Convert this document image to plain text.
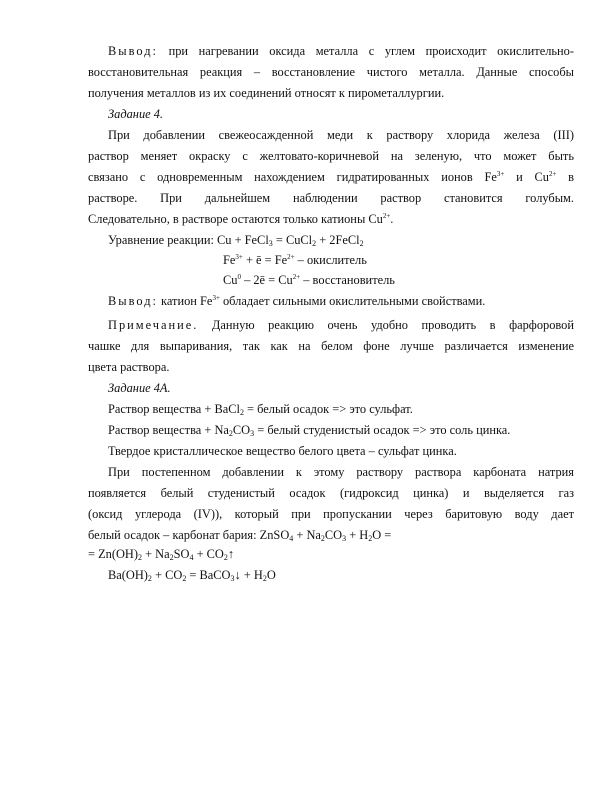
Вывод: при нагревании оксида металла с углем происходит окислительно-
восстановительная реакция – восстановление чистого металла. Данные способы
получения металлов из их соединений относят к пирометаллургии.
Задание 4.
При добавлении свежеосажденной меди к раствору хлорида железа (III)
раствор меняет окраску с желтовато-коричневой на зеленую, что может быть
связано с одновременным нахождением гидратированных ионов $Fe^{3+}$ и $Cu^{2+}$ в
растворе. При дальнейшем наблюдении раствор становится голубым.
Следовательно, в растворе остаются только катионы $Cu^{2+}$.
Уравнение реакции: Cu + FeCl$_3$ = CuCl$_2$ + 2FeCl$_2$
$Fe^{3+}$ + ē = $Fe^{2+}$ – окислитель
Cu$^0$ – 2ē = $Cu^{2+}$ – восстановитель
Вывод: катион $Fe^{3+}$ обладает сильными окислительными свойствами.
Примечание. Данную реакцию очень удобно проводить в фарфоровой
чашке для выпаривания, так как на белом фоне лучше различается изменение
цвета раствора.
Задание 4А.
Раствор вещества + BaCl$_2$ = белый осадок => это сульфат.
Раствор вещества + $Na_2CO_3$ = белый студенистый осадок => это соль цинка.
Твердое кристаллическое вещество белого цвета – сульфат цинка.
При постепенном добавлении к этому раствору раствора карбоната натрия
появляется белый студенистый осадок (гидроксид цинка) и выделяется газ
(оксид углерода (IV)), который при пропускании через баритовую воду дает
белый осадок – карбонат бария: ZnSO$_4$ + $Na_2CO_3 + H_2O$ =
= $Zn(OH)_2 + Na_2SO_4$ + $CO_2↑$
$Ba(OH)_2 + CO_2$ = BaCO$_3$↓ + $H_2O$
